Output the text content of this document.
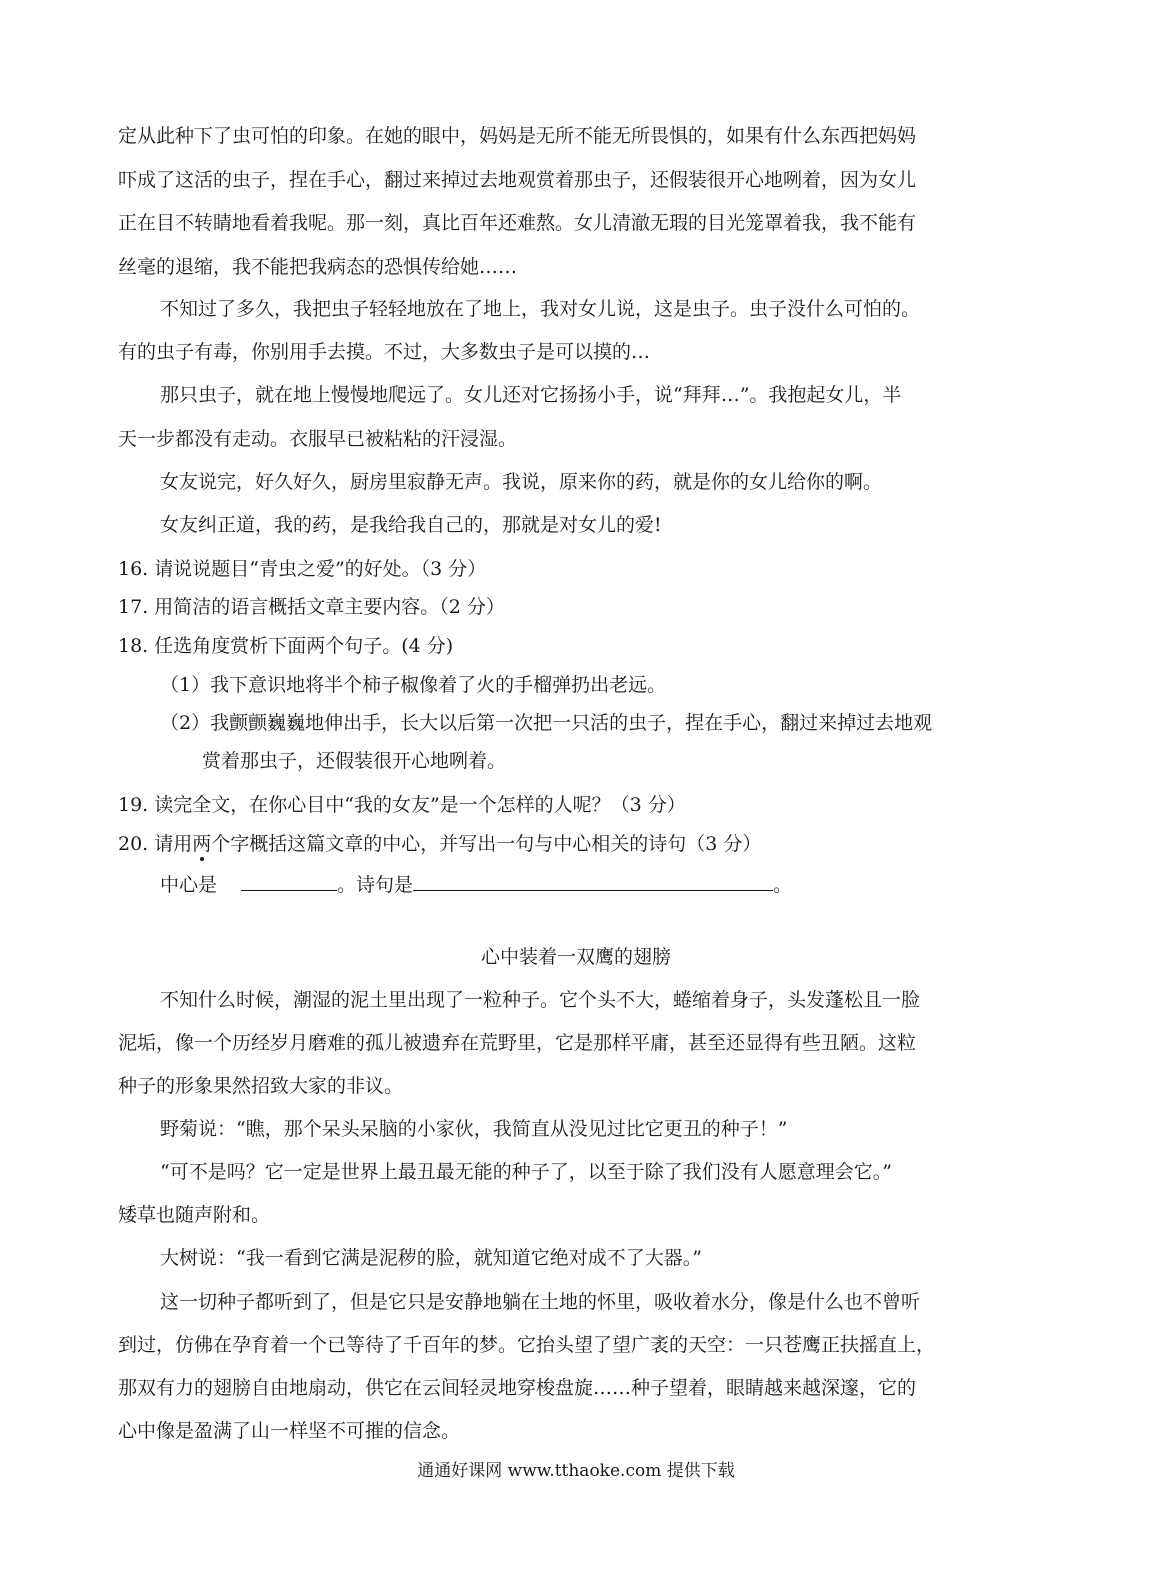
定从此种下了虫可怕的印象。在她的眼中，妈妈是无所不能无所畏惧的，如果有什么东西把妈妈
吓成了这活的虫子，捏在手心，翻过来掉过去地观赏着那虫子，还假装很开心地咧着，因为女儿
正在目不转睛地看着我呢。那一刻，真比百年还难熬。女儿清澈无瑕的目光笼罩着我，我不能有
丝毫的退缩，我不能把我病态的恐惧传给她……
不知过了多久，我把虫子轻轻地放在了地上，我对女儿说，这是虫子。虫子没什么可怕的。
有的虫子有毒，你别用手去摸。不过，大多数虫子是可以摸的…
那只虫子，就在地上慢慢地爬远了。女儿还对它扬扬小手，说“拜拜…”。我抱起女儿，半
天一步都没有走动。衣服早已被粘粘的汗浸湿。
女友说完，好久好久，厨房里寂静无声。我说，原来你的药，就是你的女儿给你的啊。
女友纠正道，我的药，是我给我自己的，那就是对女儿的爱!
16. 请说说题目“青虫之爱”的好处。（3 分）
17. 用简洁的语言概括文章主要内容。（2 分）
18. 任选角度赏析下面两个句子。(4 分)
（1）我下意识地将半个柿子椒像着了火的手榴弹扔出老远。
（2）我颤颤巍巍地伸出手，长大以后第一次把一只活的虫子，捏在手心，翻过来掉过去地观
赏着那虫子，还假装很开心地咧着。
19. 读完全文，在你心目中“我的女友”是一个怎样的人呢？（3 分）
20. 请用两个字概括这篇文章的中心，并写出一句与中心相关的诗句（3 分）
中心是	。诗句是	。
心中装着一双鹰的翅膀
不知什么时候，潮湿的泥土里出现了一粒种子。它个头不大，蜷缩着身子，头发蓬松且一脸
泥垢，像一个历经岁月磨难的孤儿被遗弃在荒野里，它是那样平庸，甚至还显得有些丑陋。这粒
种子的形象果然招致大家的非议。
野菊说：“瞧，那个呆头呆脑的小家伙，我简直从没见过比它更丑的种子！”
“可不是吗？它一定是世界上最丑最无能的种子了，以至于除了我们没有人愿意理会它。”
矮草也随声附和。
大树说：“我一看到它满是泥秽的脸，就知道它绝对成不了大器。”
这一切种子都听到了，但是它只是安静地躺在土地的怀里，吸收着水分，像是什么也不曾听
到过，仿佛在孕育着一个已等待了千百年的梦。它抬头望了望广袤的天空：一只苍鹰正扶摇直上，
那双有力的翅膀自由地扇动，供它在云间轻灵地穿梭盘旋……种子望着，眼睛越来越深邃，它的
心中像是盈满了山一样坚不可摧的信念。
通通好课网 www.tthaoke.com 提供下载
